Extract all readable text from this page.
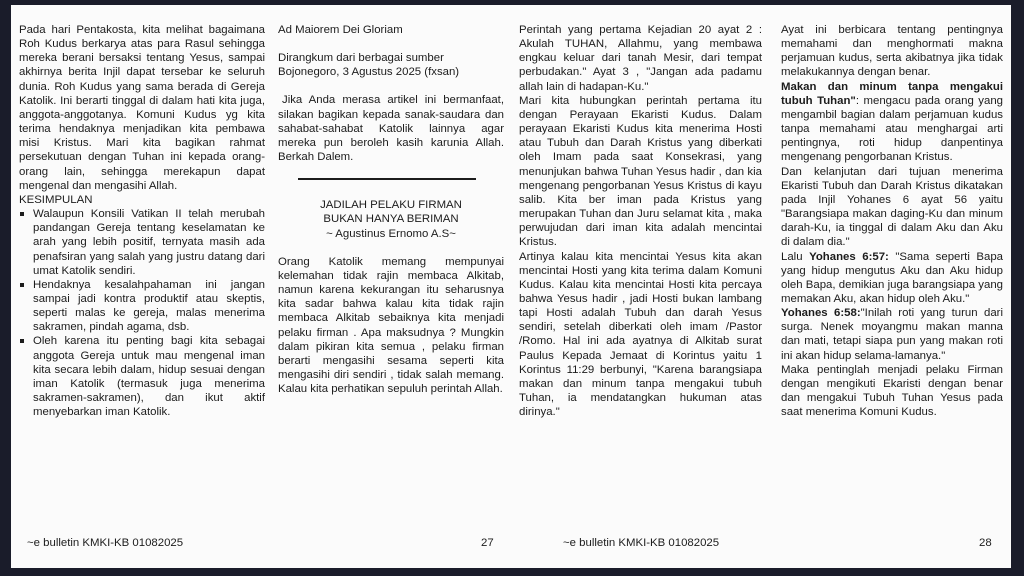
Pada hari Pentakosta, kita melihat bagaimana Roh Kudus berkarya atas para Rasul sehingga mereka berani bersaksi tentang Yesus, sampai akhirnya berita Injil dapat tersebar ke seluruh dunia. Roh Kudus yang sama berada di Gereja Katolik. Ini berarti tinggal di dalam hati kita juga, anggota-anggotanya. Komuni Kudus yg kita terima hendaknya menjadikan kita pembawa misi Kristus. Mari kita bagikan rahmat persekutuan dengan Tuhan ini kepada orang-orang lain, sehingga merekapun dapat mengenal dan mengasihi Allah.

KESIMPULAN

Walaupun Konsili Vatikan II telah merubah pandangan Gereja tentang keselamatan ke arah yang lebih positif, ternyata masih ada penafsiran yang salah yang justru datang dari umat Katolik sendiri.
Hendaknya kesalahpahaman ini jangan sampai jadi kontra produktif atau skeptis, seperti malas ke gereja, malas menerima sakramen, pindah agama, dsb.
Oleh karena itu penting bagi kita sebagai anggota Gereja untuk mau mengenal iman kita secara lebih dalam, hidup sesuai dengan iman Katolik (termasuk juga menerima sakramen-sakramen), dan ikut aktif menyebarkan iman Katolik.

Ad Maiorem Dei Gloriam

Dirangkum dari berbagai sumber

Bojonegoro, 3 Agustus 2025 (fxsan)

Jika Anda merasa artikel ini bermanfaat, silakan bagikan kepada sanak-saudara dan sahabat-sahabat Katolik lainnya agar mereka pun beroleh kasih karunia Allah. Berkah Dalem.

JADILAH PELAKU FIRMAN

BUKAN HANYA BERIMAN

~ Agustinus Ernomo A.S~

Orang Katolik memang mempunyai kelemahan tidak rajin membaca Alkitab, namun karena kekurangan itu seharusnya kita sadar bahwa kalau kita tidak rajin membaca Alkitab sebaiknya kita menjadi pelaku firman . Apa maksudnya ? Mungkin dalam pikiran kita semua , pelaku firman berarti mengasihi sesama seperti kita mengasihi diri sendiri , tidak salah memang. Kalau kita perhatikan sepuluh perintah Allah.

~e bulletin KMKI-KB 01082025	27

Perintah yang pertama Kejadian 20 ayat 2 : Akulah TUHAN, Allahmu, yang membawa engkau keluar dari tanah Mesir, dari tempat perbudakan." Ayat 3 , "Jangan ada padamu allah lain di hadapan-Ku."

Mari kita hubungkan perintah pertama itu dengan Perayaan Ekaristi Kudus. Dalam perayaan Ekaristi Kudus kita menerima Hosti atau Tubuh dan Darah Kristus yang diberkati oleh Imam pada saat Konsekrasi, yang menunjukan bahwa Tuhan Yesus hadir , dan kia mengenang pengorbanan Yesus Kristus di kayu salib. Kita ber iman pada Kristus yang merupakan Tuhan dan Juru selamat kita , maka perwujudan dari iman kita adalah mencintai Kristus.

Artinya kalau kita mencintai Yesus kita akan mencintai Hosti yang kita terima dalam Komuni Kudus. Kalau kita mencintai Hosti kita percaya bahwa Yesus hadir , jadi Hosti bukan lambang tapi Hosti adalah Tubuh dan darah Yesus sendiri, setelah diberkati oleh imam /Pastor /Romo. Hal ini ada ayatnya di Alkitab surat Paulus Kepada Jemaat di Korintus yaitu 1 Korintus 11:29 berbunyi, "Karena barangsiapa makan dan minum tanpa mengakui tubuh Tuhan, ia mendatangkan hukuman atas dirinya."

Ayat ini berbicara tentang pentingnya memahami dan menghormati makna perjamuan kudus, serta akibatnya jika tidak melakukannya dengan benar.

Makan dan minum tanpa mengakui tubuh Tuhan": mengacu pada orang yang mengambil bagian dalam perjamuan kudus tanpa memahami atau menghargai arti pentingnya, roti hidup danpentinya mengenang pengorbanan Kristus.

Dan kelanjutan dari tujuan menerima Ekaristi Tubuh dan Darah Kristus dikatakan pada Injil Yohanes 6 ayat 56 yaitu "Barangsiapa makan daging-Ku dan minum darah-Ku, ia tinggal di dalam Aku dan Aku di dalam dia."

Lalu Yohanes 6:57: "Sama seperti Bapa yang hidup mengutus Aku dan Aku hidup oleh Bapa, demikian juga barangsiapa yang memakan Aku, akan hidup oleh Aku."

Yohanes 6:58:"Inilah roti yang turun dari surga. Nenek moyangmu makan manna dan mati, tetapi siapa pun yang makan roti ini akan hidup selama-lamanya."

Maka pentinglah menjadi pelaku Firman dengan mengikuti Ekaristi dengan benar dan mengakui Tubuh Tuhan Yesus pada saat menerima Komuni Kudus.

~e bulletin KMKI-KB 01082025	28
